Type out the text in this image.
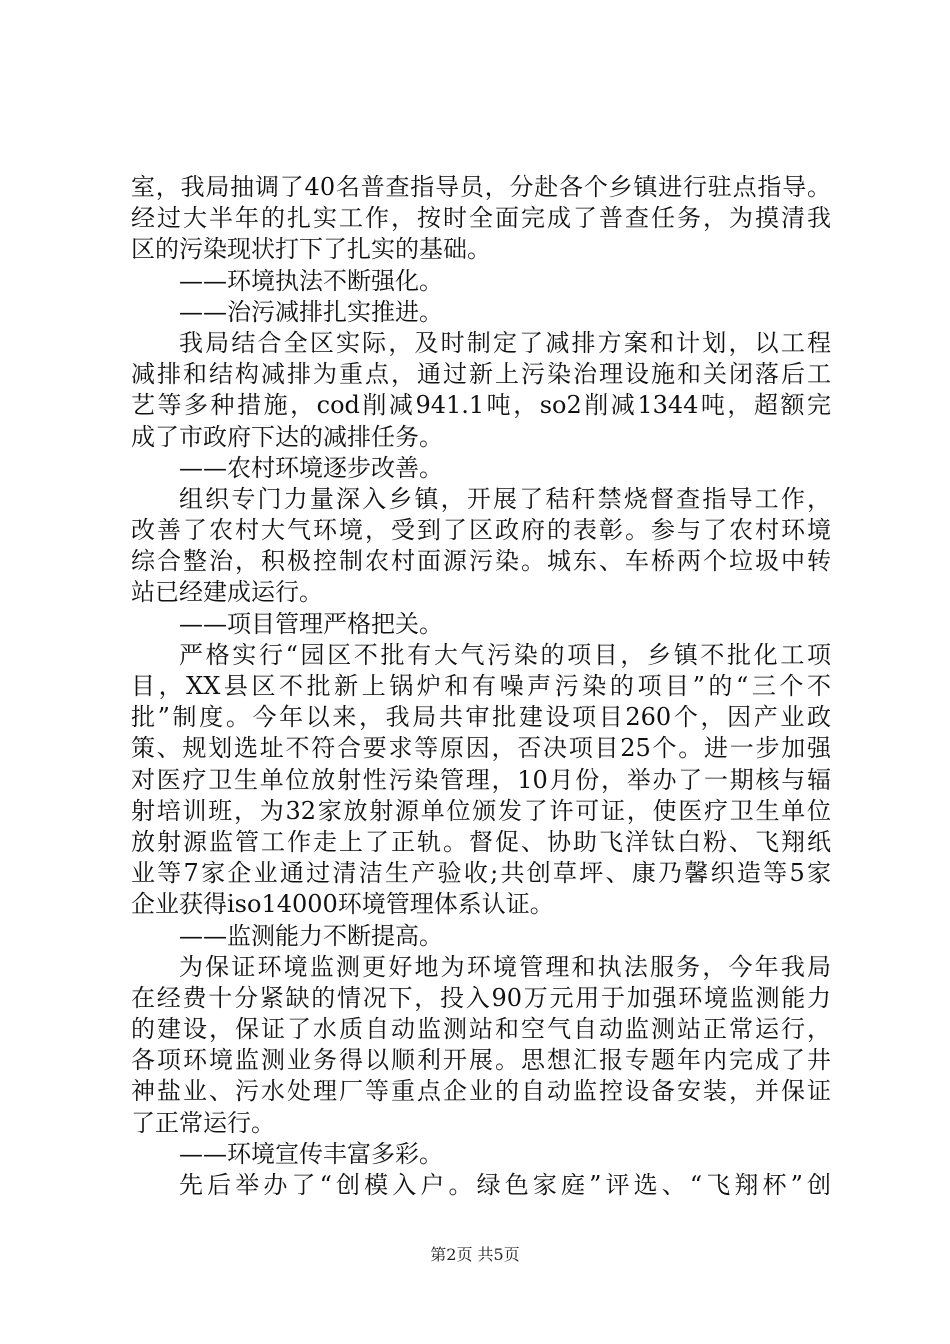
室，我局抽调了40名普查指导员，分赴各个乡镇进行驻点指导。
经过大半年的扎实工作，按时全面完成了普查任务，为摸清我
区的污染现状打下了扎实的基础。
——环境执法不断强化。
——治污减排扎实推进。
我局结合全区实际，及时制定了减排方案和计划，以工程
减排和结构减排为重点，通过新上污染治理设施和关闭落后工
艺等多种措施，cod削减941.1吨，so2削减1344吨，超额完
成了市政府下达的减排任务。
——农村环境逐步改善。
组织专门力量深入乡镇，开展了秸秆禁烧督查指导工作，
改善了农村大气环境，受到了区政府的表彰。参与了农村环境
综合整治，积极控制农村面源污染。城东、车桥两个垃圾中转
站已经建成运行。
——项目管理严格把关。
严格实行“园区不批有大气污染的项目，乡镇不批化工项
目，XX县区不批新上锅炉和有噪声污染的项目”的“三个不
批”制度。今年以来，我局共审批建设项目260个，因产业政
策、规划选址不符合要求等原因，否决项目25个。进一步加强
对医疗卫生单位放射性污染管理，10月份，举办了一期核与辐
射培训班，为32家放射源单位颁发了许可证，使医疗卫生单位
放射源监管工作走上了正轨。督促、协助飞洋钛白粉、飞翔纸
业等7家企业通过清洁生产验收;共创草坪、康乃馨织造等5家
企业获得iso14000环境管理体系认证。
——监测能力不断提高。
为保证环境监测更好地为环境管理和执法服务，今年我局
在经费十分紧缺的情况下，投入90万元用于加强环境监测能力
的建设，保证了水质自动监测站和空气自动监测站正常运行，
各项环境监测业务得以顺利开展。思想汇报专题年内完成了井
神盐业、污水处理厂等重点企业的自动监控设备安装，并保证
了正常运行。
——环境宣传丰富多彩。
先后举办了“创模入户。绿色家庭”评选、“飞翔杯”创
第2页 共5页
